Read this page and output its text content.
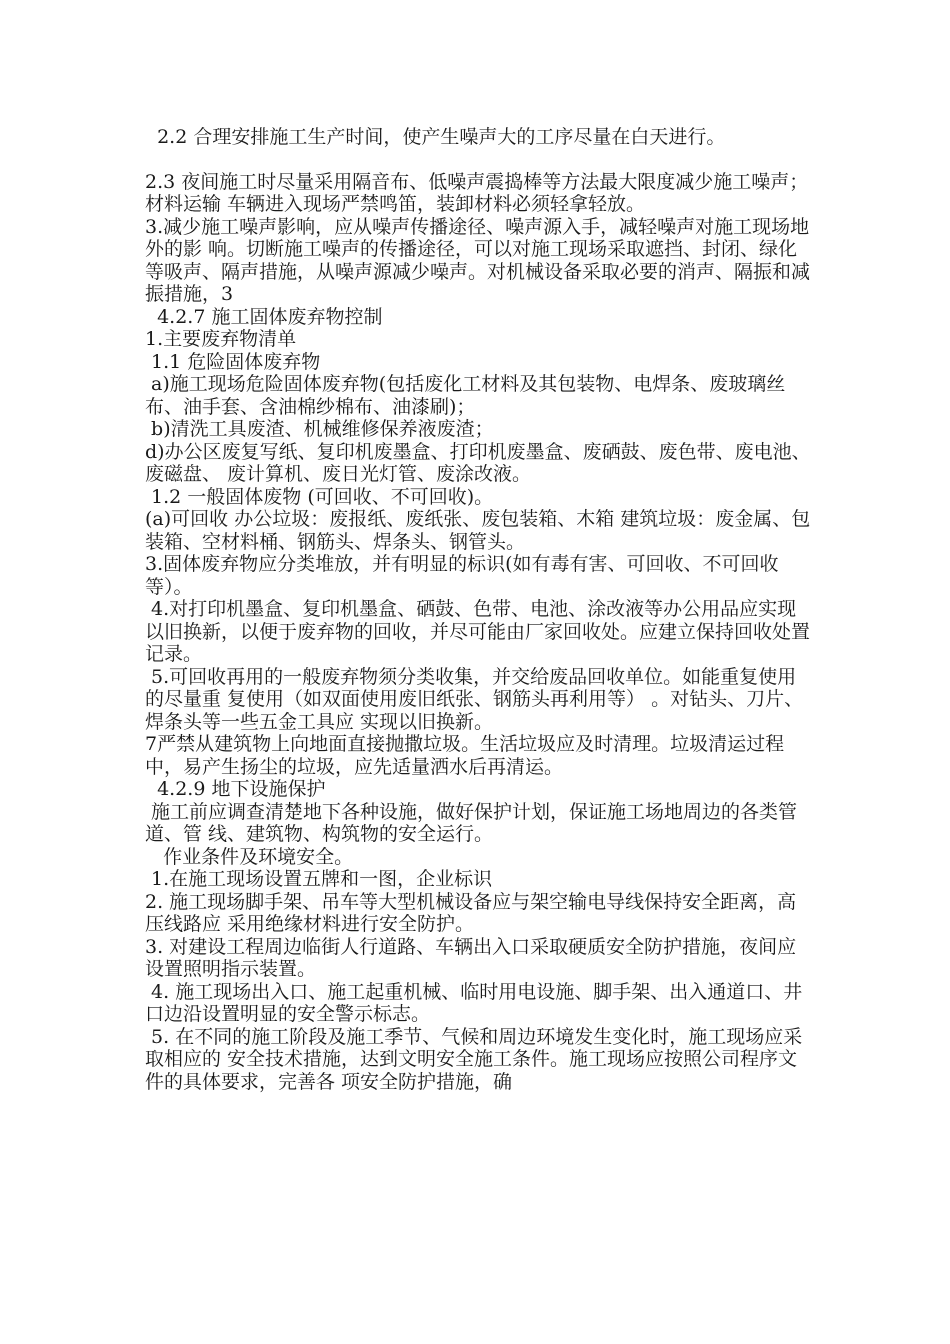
2.2 合理安排施工生产时间，使产生噪声大的工序尽量在白天进行。

2.3 夜间施工时尽量采用隔音布、低噪声震捣棒等方法最大限度减少施工噪声；材料运输 车辆进入现场严禁鸣笛，装卸材料必须轻拿轻放。

3.减少施工噪声影响，应从噪声传播途径、噪声源入手，减轻噪声对施工现场地外的影 响。切断施工噪声的传播途径，可以对施工现场采取遮挡、封闭、绿化等吸声、隔声措施，从噪声源减少噪声。对机械设备采取必要的消声、隔振和减振措施，3

4.2.7 施工固体废弃物控制

1.主要废弃物清单

1.1 危险固体废弃物

a)施工现场危险固体废弃物(包括废化工材料及其包装物、电焊条、废玻璃丝布、油手套、含油棉纱棉布、油漆刷)；

b)清洗工具废渣、机械维修保养液废渣；

d)办公区废复写纸、复印机废墨盒、打印机废墨盒、废硒鼓、废色带、废电池、废磁盘、 废计算机、废日光灯管、废涂改液。

1.2 一般固体废物 (可回收、不可回收)。

(a)可回收 办公垃圾：废报纸、废纸张、废包装箱、木箱 建筑垃圾：废金属、包装箱、空材料桶、钢筋头、焊条头、钢管头。

3.固体废弃物应分类堆放，并有明显的标识(如有毒有害、可回收、不可回收等）。

4.对打印机墨盒、复印机墨盒、硒鼓、色带、电池、涂改液等办公用品应实现以旧换新，以便于废弃物的回收，并尽可能由厂家回收处。应建立保持回收处置记录。

5.可回收再用的一般废弃物须分类收集，并交给废品回收单位。如能重复使用的尽量重 复使用（如双面使用废旧纸张、钢筋头再利用等） 。对钻头、刀片、焊条头等一些五金工具应 实现以旧换新。

7严禁从建筑物上向地面直接抛撒垃圾。生活垃圾应及时清理。垃圾清运过程中，易产生扬尘的垃圾，应先适量洒水后再清运。

4.2.9 地下设施保护

施工前应调查清楚地下各种设施，做好保护计划，保证施工场地周边的各类管道、管 线、建筑物、构筑物的安全运行。

作业条件及环境安全。

1.在施工现场设置五牌和一图，企业标识

2. 施工现场脚手架、吊车等大型机械设备应与架空输电导线保持安全距离，高压线路应 采用绝缘材料进行安全防护。

3. 对建设工程周边临街人行道路、车辆出入口采取硬质安全防护措施，夜间应设置照明指示装置。

4. 施工现场出入口、施工起重机械、临时用电设施、脚手架、出入通道口、井口边沿设置明显的安全警示标志。

5. 在不同的施工阶段及施工季节、气候和周边环境发生变化时，施工现场应采取相应的 安全技术措施，达到文明安全施工条件。施工现场应按照公司程序文件的具体要求，完善各 项安全防护措施，确
